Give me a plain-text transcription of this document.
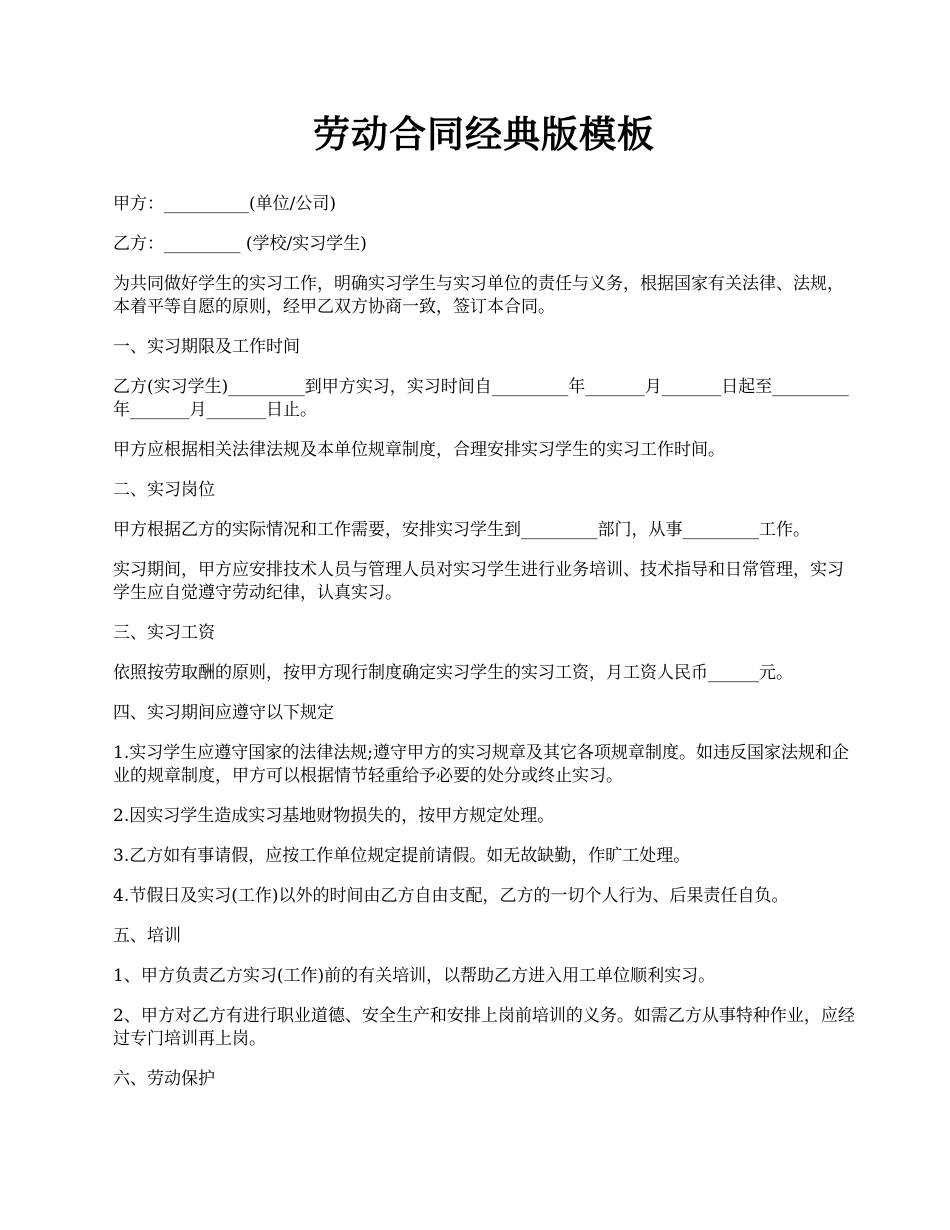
劳动合同经典版模板

甲方：__________(单位/公司)

乙方：_________ (学校/实习学生)

为共同做好学生的实习工作，明确实习学生与实习单位的责任与义务，根据国家有关法律、法规，本着平等自愿的原则，经甲乙双方协商一致，签订本合同。

一、实习期限及工作时间

乙方(实习学生)_________到甲方实习，实习时间自_________年_______月_______日起至_________年_______月_______日止。

甲方应根据相关法律法规及本单位规章制度，合理安排实习学生的实习工作时间。

二、实习岗位

甲方根据乙方的实际情况和工作需要，安排实习学生到_________部门，从事_________工作。

实习期间，甲方应安排技术人员与管理人员对实习学生进行业务培训、技术指导和日常管理，实习学生应自觉遵守劳动纪律，认真实习。

三、实习工资

依照按劳取酬的原则，按甲方现行制度确定实习学生的实习工资，月工资人民币______元。

四、实习期间应遵守以下规定

1.实习学生应遵守国家的法律法规;遵守甲方的实习规章及其它各项规章制度。如违反国家法规和企业的规章制度，甲方可以根据情节轻重给予必要的处分或终止实习。

2.因实习学生造成实习基地财物损失的，按甲方规定处理。

3.乙方如有事请假，应按工作单位规定提前请假。如无故缺勤，作旷工处理。

4.节假日及实习(工作)以外的时间由乙方自由支配，乙方的一切个人行为、后果责任自负。

五、培训

1、甲方负责乙方实习(工作)前的有关培训，以帮助乙方进入用工单位顺利实习。

2、甲方对乙方有进行职业道德、安全生产和安排上岗前培训的义务。如需乙方从事特种作业，应经过专门培训再上岗。

六、劳动保护
